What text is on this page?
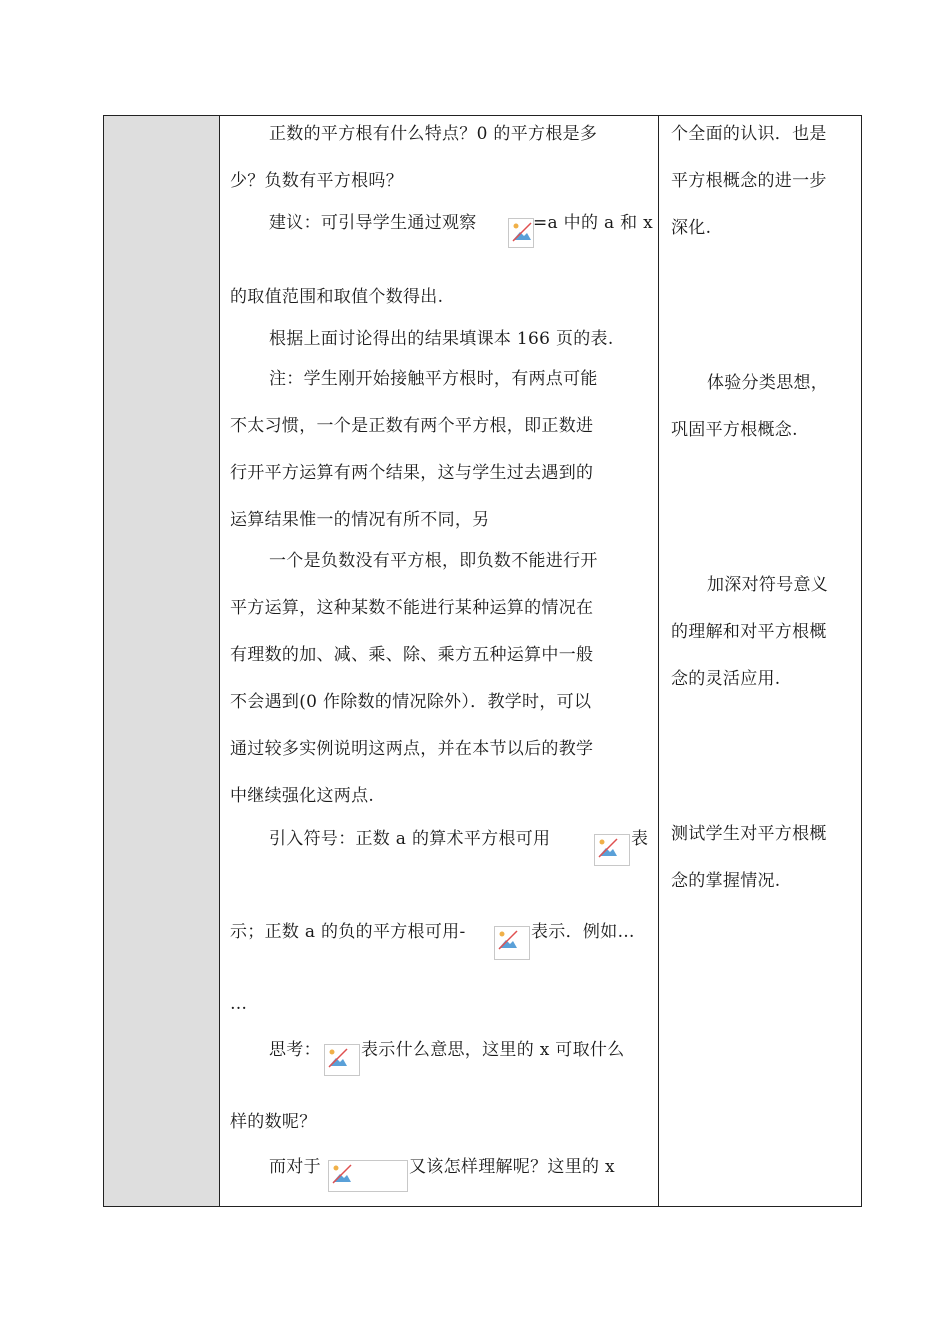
正数的平方根有什么特点？0 的平方根是多
少？负数有平方根吗？
建议：可引导学生通过观察	=a 中的 a 和 x
的取值范围和取值个数得出.
根据上面讨论得出的结果填课本 166 页的表.
注：学生刚开始接触平方根时，有两点可能
不太习惯，一个是正数有两个平方根，即正数进
行开平方运算有两个结果，这与学生过去遇到的
运算结果惟一的情况有所不同，另
一个是负数没有平方根，即负数不能进行开
平方运算，这种某数不能进行某种运算的情况在
有理数的加、减、乘、除、乘方五种运算中一般
不会遇到(0 作除数的情况除外）．教学时，可以
通过较多实例说明这两点，并在本节以后的教学
中继续强化这两点.
引入符号：正数 a 的算术平方根可用	表
示；正数 a 的负的平方根可用-	表示．例如…
…
思考： 表示什么意思，这里的 x 可取什么
样的数呢？
而对于	又该怎样理解呢？这里的 x
个全面的认识．也是
平方根概念的进一步
深化.
体验分类思想，
巩固平方根概念.
加深对符号意义
的理解和对平方根概
念的灵活应用.
测试学生对平方根概
念的掌握情况.
